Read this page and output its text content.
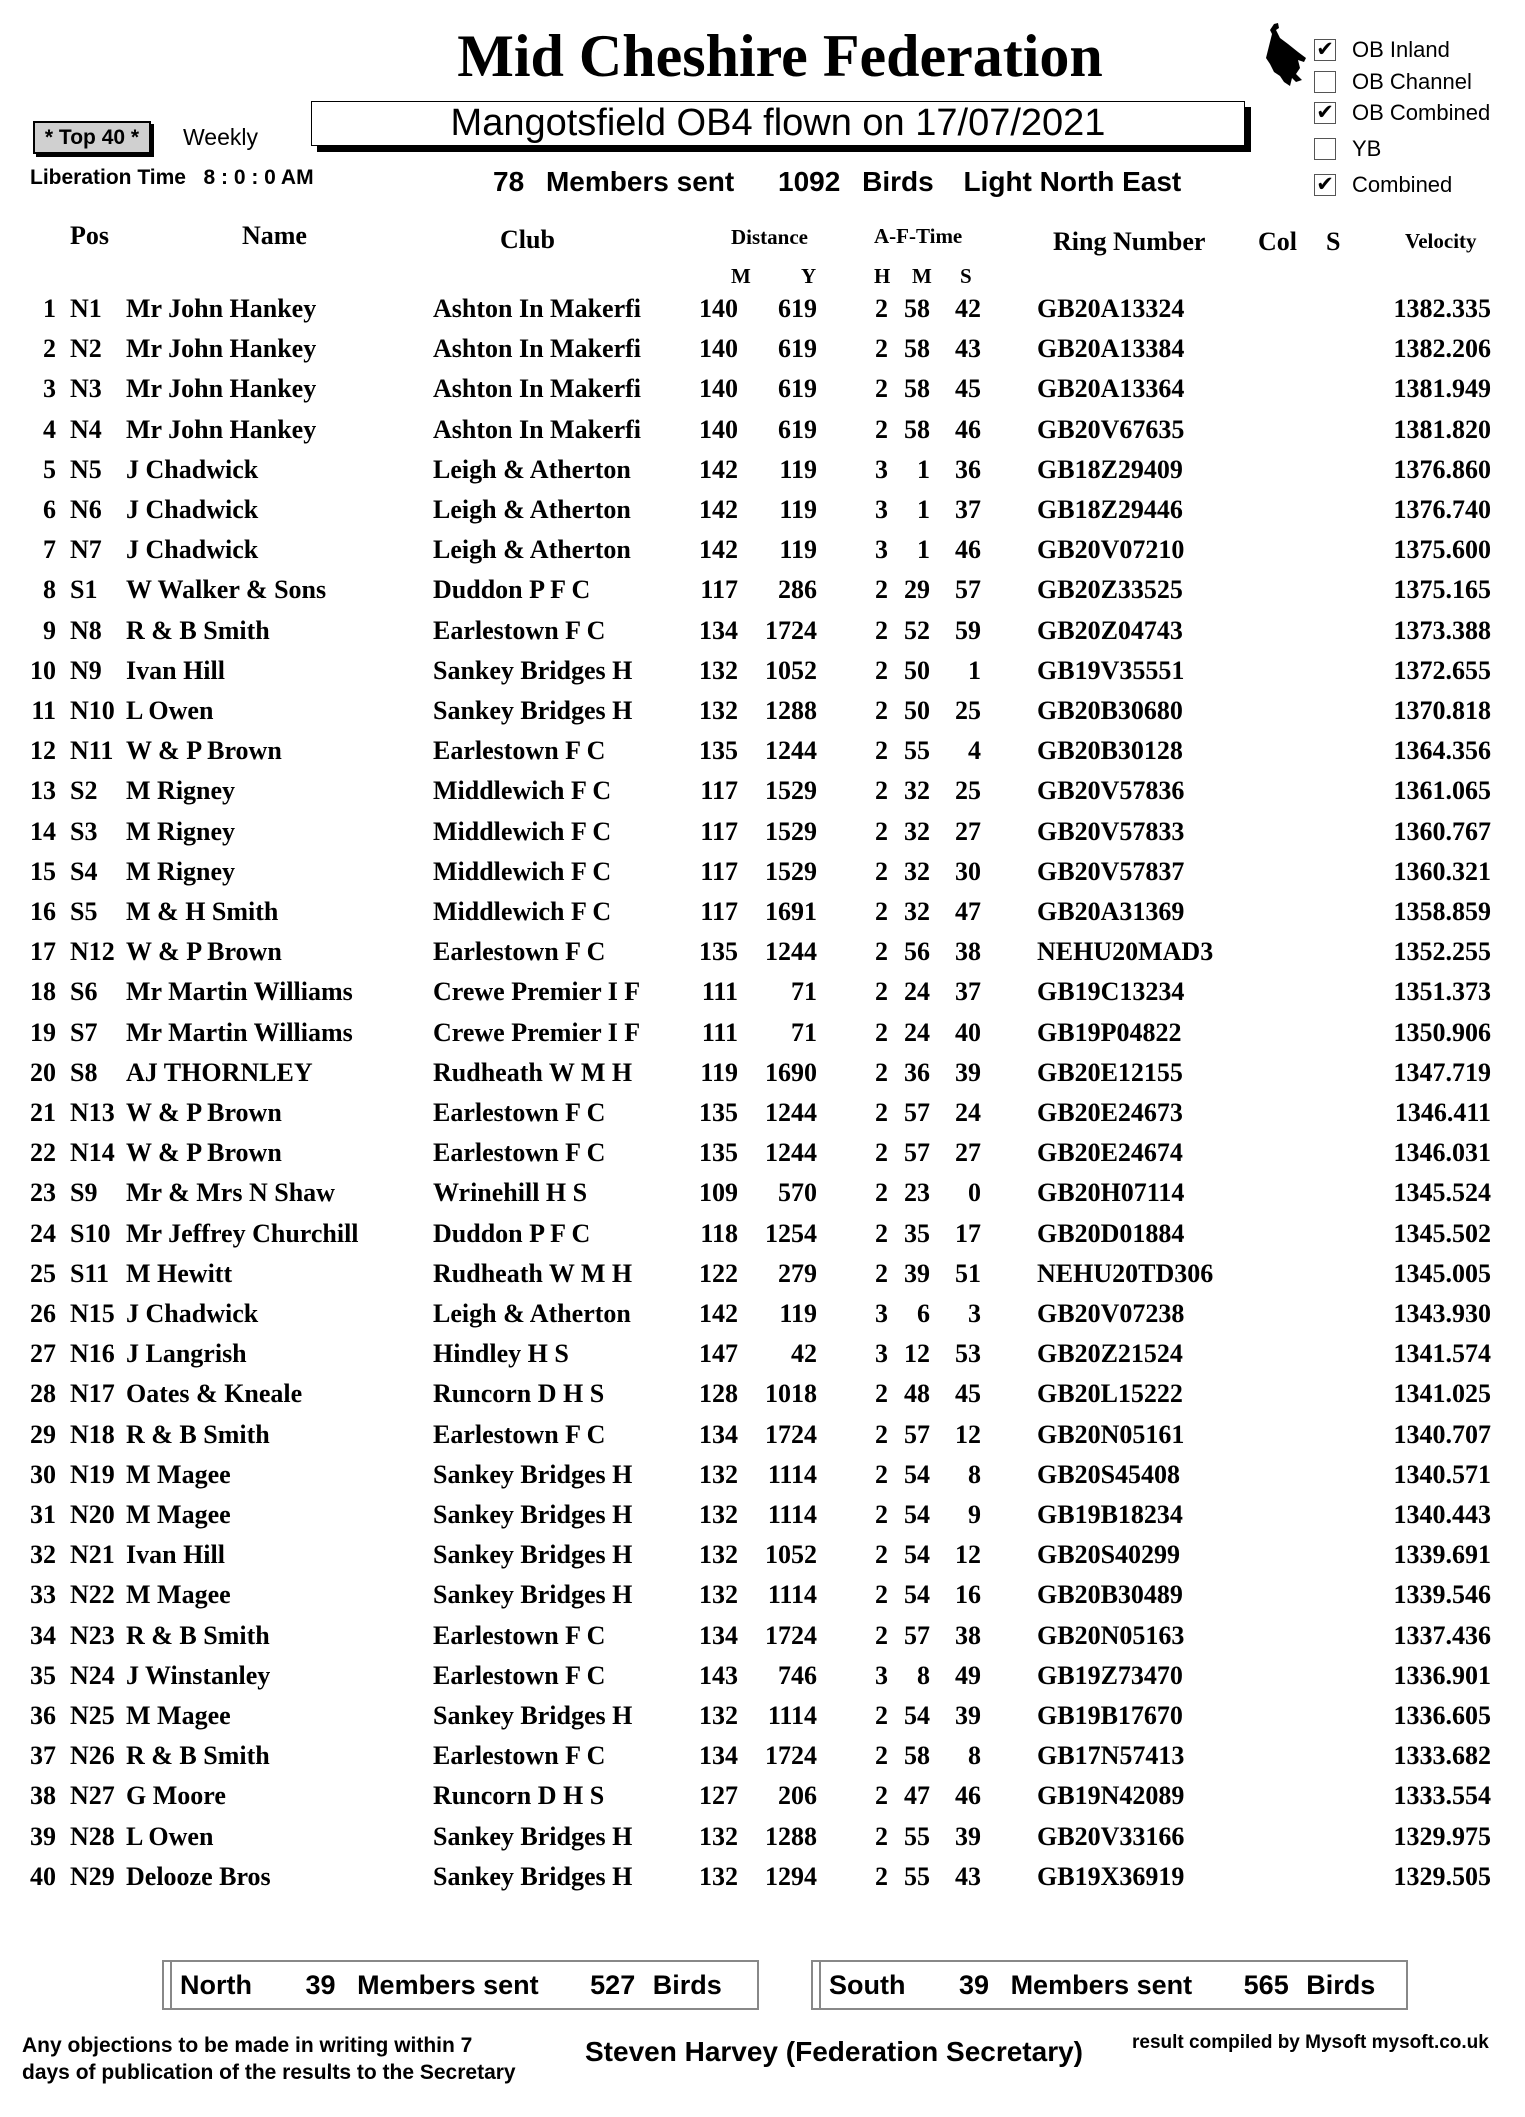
Mid Cheshire Federation
* Top 40 *	Weekly	Mangotsfield OB4 flown on 17/07/2021
Liberation Time 8 : 0 : 0 AM	78 Members sent 1092 Birds Light North East
✔ OB Inland
OB Channel
✔ OB Combined
YB
✔ Combined
Pos	Name	Club	Distance	A-F-Time	Ring Number Col S	Velocity
M Y	H M S
1 N1 Mr John Hankey	Ashton In Makerfi 140 619 2 58 42 GB20A13324	1382.335
2 N2 Mr John Hankey	Ashton In Makerfi 140 619 2 58 43 GB20A13384	1382.206
3 N3 Mr John Hankey	Ashton In Makerfi 140 619 2 58 45 GB20A13364	1381.949
4 N4 Mr John Hankey	Ashton In Makerfi 140 619 2 58 46 GB20V67635	1381.820
5 N5 J Chadwick	Leigh & Atherton	142 119 3 1 36 GB18Z29409	1376.860
6 N6 J Chadwick	Leigh & Atherton	142 119 3 1 37 GB18Z29446	1376.740
7 N7 J Chadwick	Leigh & Atherton	142 119 3 1 46 GB20V07210	1375.600
8 S1 W Walker & Sons	Duddon P F C	117 286 2 29 57 GB20Z33525	1375.165
9 N8 R & B Smith	Earlestown F C	134 1724 2 52 59 GB20Z04743	1373.388
10 N9 Ivan Hill	Sankey Bridges H	132 1052 2 50 1 GB19V35551	1372.655
11 N10 L Owen	Sankey Bridges H	132 1288 2 50 25 GB20B30680	1370.818
12 N11 W & P Brown	Earlestown F C	135 1244 2 55 4 GB20B30128	1364.356
13 S2 M Rigney	Middlewich F C	117 1529 2 32 25 GB20V57836	1361.065
14 S3 M Rigney	Middlewich F C	117 1529 2 32 27 GB20V57833	1360.767
15 S4 M Rigney	Middlewich F C	117 1529 2 32 30 GB20V57837	1360.321
16 S5 M & H Smith	Middlewich F C	117 1691 2 32 47 GB20A31369	1358.859
17 N12 W & P Brown	Earlestown F C	135 1244 2 56 38 NEHU20MAD3	1352.255
18 S6 Mr Martin Williams	Crewe Premier I F 111 71 2 24 37 GB19C13234	1351.373
19 S7 Mr Martin Williams	Crewe Premier I F 111 71 2 24 40 GB19P04822	1350.906
20 S8 AJ THORNLEY	Rudheath W M H	119 1690 2 36 39 GB20E12155	1347.719
21 N13 W & P Brown	Earlestown F C	135 1244 2 57 24 GB20E24673	1346.411
22 N14 W & P Brown	Earlestown F C	135 1244 2 57 27 GB20E24674	1346.031
23 S9 Mr & Mrs N Shaw	Wrinehill H S	109 570 2 23 0 GB20H07114	1345.524
24 S10 Mr Jeffrey Churchill	Duddon P F C	118 1254 2 35 17 GB20D01884	1345.502
25 S11 M Hewitt	Rudheath W M H	122 279 2 39 51 NEHU20TD306	1345.005
26 N15 J Chadwick	Leigh & Atherton	142 119 3 6 3 GB20V07238	1343.930
27 N16 J Langrish	Hindley H S	147 42 3 12 53 GB20Z21524	1341.574
28 N17 Oates & Kneale	Runcorn D H S	128 1018 2 48 45 GB20L15222	1341.025
29 N18 R & B Smith	Earlestown F C	134 1724 2 57 12 GB20N05161	1340.707
30 N19 M Magee	Sankey Bridges H	132 1114 2 54 8 GB20S45408	1340.571
31 N20 M Magee	Sankey Bridges H	132 1114 2 54 9 GB19B18234	1340.443
32 N21 Ivan Hill	Sankey Bridges H	132 1052 2 54 12 GB20S40299	1339.691
33 N22 M Magee	Sankey Bridges H	132 1114 2 54 16 GB20B30489	1339.546
34 N23 R & B Smith	Earlestown F C	134 1724 2 57 38 GB20N05163	1337.436
35 N24 J Winstanley	Earlestown F C	143 746 3 8 49 GB19Z73470	1336.901
36 N25 M Magee	Sankey Bridges H	132 1114 2 54 39 GB19B17670	1336.605
37 N26 R & B Smith	Earlestown F C	134 1724 2 58 8 GB17N57413	1333.682
38 N27 G Moore	Runcorn D H S	127 206 2 47 46 GB19N42089	1333.554
39 N28 L Owen	Sankey Bridges H	132 1288 2 55 39 GB20V33166	1329.975
40 N29 Delooze Bros	Sankey Bridges H	132 1294 2 55 43 GB19X36919	1329.505
North 39 Members sent 527 Birds	South 39 Members sent 565 Birds
Any objections to be made in writing within 7
days of publication of the results to the Secretary
Steven Harvey (Federation Secretary)	result compiled by Mysoft mysoft.co.uk
